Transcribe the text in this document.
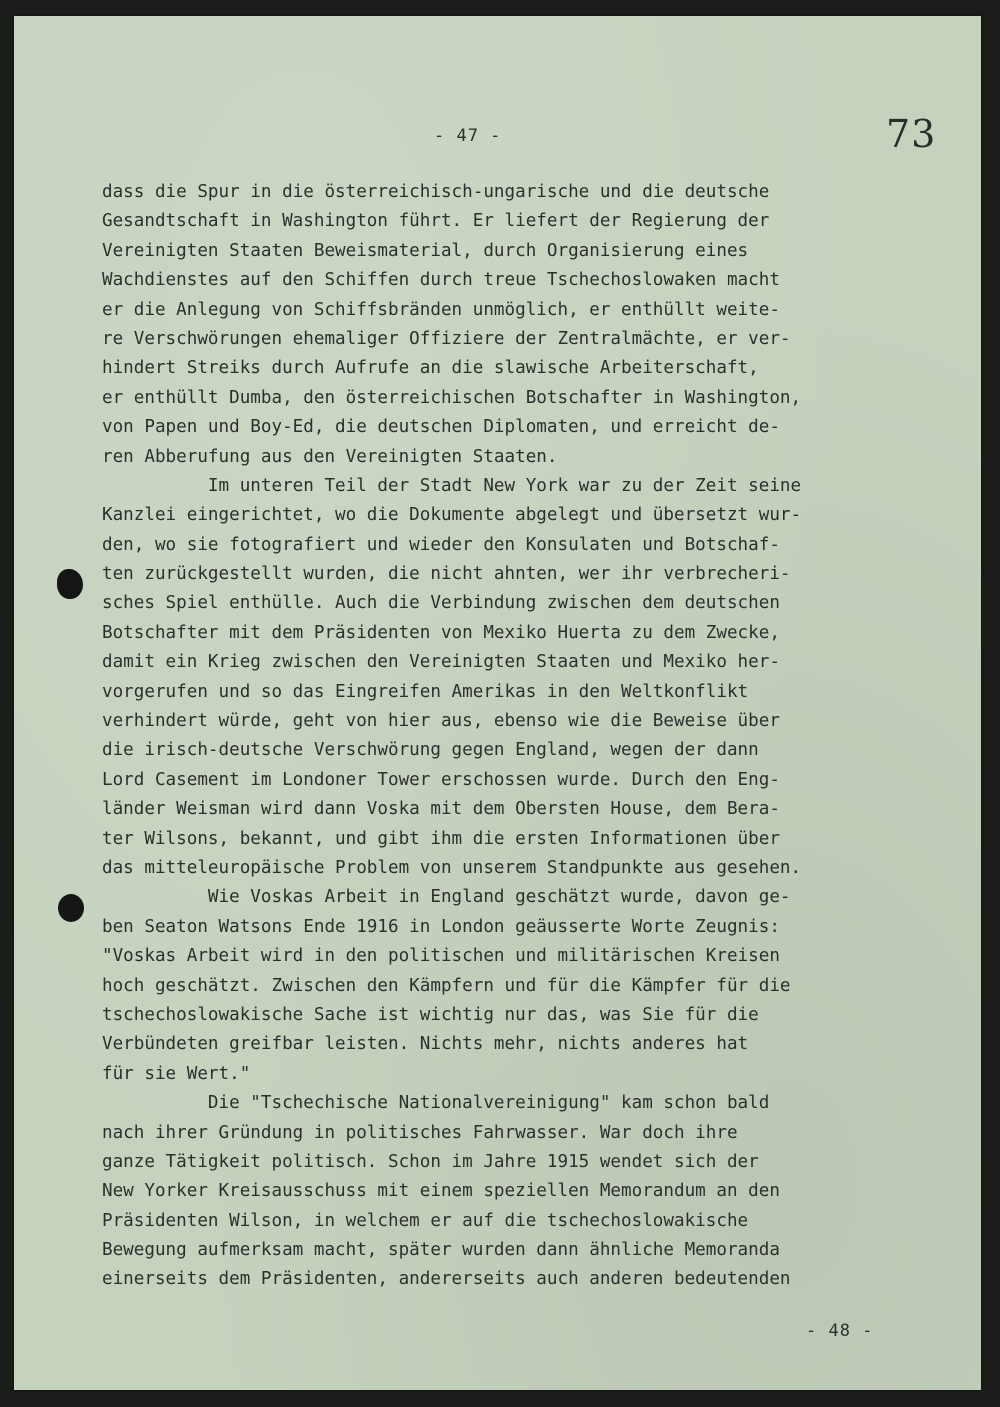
- 47 -	73
dass die Spur in die österreichisch-ungarische und die deutsche
Gesandtschaft in Washington führt. Er liefert der Regierung der
Vereinigten Staaten Beweismaterial, durch Organisierung eines
Wachdienstes auf den Schiffen durch treue Tschechoslowaken macht
er die Anlegung von Schiffsbränden unmöglich, er enthüllt weite-
re Verschwörungen ehemaliger Offiziere der Zentralmächte, er ver-
hindert Streiks durch Aufrufe an die slawische Arbeiterschaft,
er enthüllt Dumba, den österreichischen Botschafter in Washington,
von Papen und Boy-Ed, die deutschen Diplomaten, und erreicht de-
ren Abberufung aus den Vereinigten Staaten.
Im unteren Teil der Stadt New York war zu der Zeit seine
Kanzlei eingerichtet, wo die Dokumente abgelegt und übersetzt wur-
den, wo sie fotografiert und wieder den Konsulaten und Botschaf-
ten zurückgestellt wurden, die nicht ahnten, wer ihr verbrecheri-
sches Spiel enthülle. Auch die Verbindung zwischen dem deutschen
Botschafter mit dem Präsidenten von Mexiko Huerta zu dem Zwecke,
damit ein Krieg zwischen den Vereinigten Staaten und Mexiko her-
vorgerufen und so das Eingreifen Amerikas in den Weltkonflikt
verhindert würde, geht von hier aus, ebenso wie die Beweise über
die irisch-deutsche Verschwörung gegen England, wegen der dann
Lord Casement im Londoner Tower erschossen wurde. Durch den Eng-
länder Weisman wird dann Voska mit dem Obersten House, dem Bera-
ter Wilsons, bekannt, und gibt ihm die ersten Informationen über
das mitteleuropäische Problem von unserem Standpunkte aus gesehen.
Wie Voskas Arbeit in England geschätzt wurde, davon ge-
ben Seaton Watsons Ende 1916 in London geäusserte Worte Zeugnis:
"Voskas Arbeit wird in den politischen und militärischen Kreisen
hoch geschätzt. Zwischen den Kämpfern und für die Kämpfer für die
tschechoslowakische Sache ist wichtig nur das, was Sie für die
Verbündeten greifbar leisten. Nichts mehr, nichts anderes hat
für sie Wert."
Die "Tschechische Nationalvereinigung" kam schon bald
nach ihrer Gründung in politisches Fahrwasser. War doch ihre
ganze Tätigkeit politisch. Schon im Jahre 1915 wendet sich der
New Yorker Kreisausschuss mit einem speziellen Memorandum an den
Präsidenten Wilson, in welchem er auf die tschechoslowakische
Bewegung aufmerksam macht, später wurden dann ähnliche Memoranda
einerseits dem Präsidenten, andererseits auch anderen bedeutenden
- 48 -
